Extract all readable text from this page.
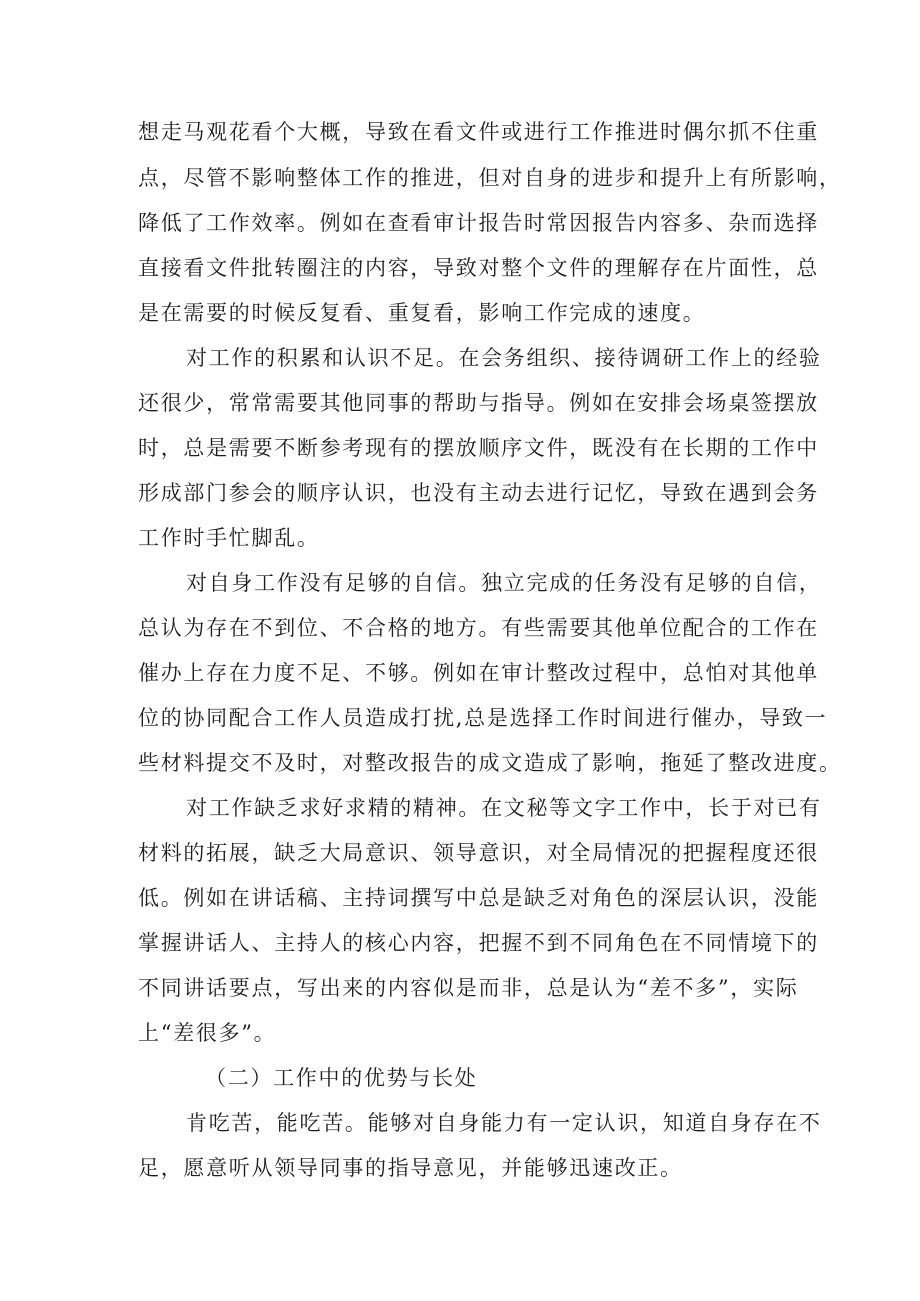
想走马观花看个大概，导致在看文件或进行工作推进时偶尔抓不住重
点，尽管不影响整体工作的推进，但对自身的进步和提升上有所影响，
降低了工作效率。例如在查看审计报告时常因报告内容多、杂而选择
直接看文件批转圈注的内容，导致对整个文件的理解存在片面性，总
是在需要的时候反复看、重复看，影响工作完成的速度。
对工作的积累和认识不足。在会务组织、接待调研工作上的经验
还很少，常常需要其他同事的帮助与指导。例如在安排会场桌签摆放
时，总是需要不断参考现有的摆放顺序文件，既没有在长期的工作中
形成部门参会的顺序认识，也没有主动去进行记忆，导致在遇到会务
工作时手忙脚乱。
对自身工作没有足够的自信。独立完成的任务没有足够的自信，
总认为存在不到位、不合格的地方。有些需要其他单位配合的工作在
催办上存在力度不足、不够。例如在审计整改过程中，总怕对其他单
位的协同配合工作人员造成打扰,总是选择工作时间进行催办，导致一
些材料提交不及时，对整改报告的成文造成了影响，拖延了整改进度。
对工作缺乏求好求精的精神。在文秘等文字工作中，长于对已有
材料的拓展，缺乏大局意识、领导意识，对全局情况的把握程度还很
低。例如在讲话稿、主持词撰写中总是缺乏对角色的深层认识，没能
掌握讲话人、主持人的核心内容，把握不到不同角色在不同情境下的
不同讲话要点，写出来的内容似是而非，总是认为“差不多”，实际
上“差很多”。
（二）工作中的优势与长处
肯吃苦，能吃苦。能够对自身能力有一定认识，知道自身存在不
足，愿意听从领导同事的指导意见，并能够迅速改正。
